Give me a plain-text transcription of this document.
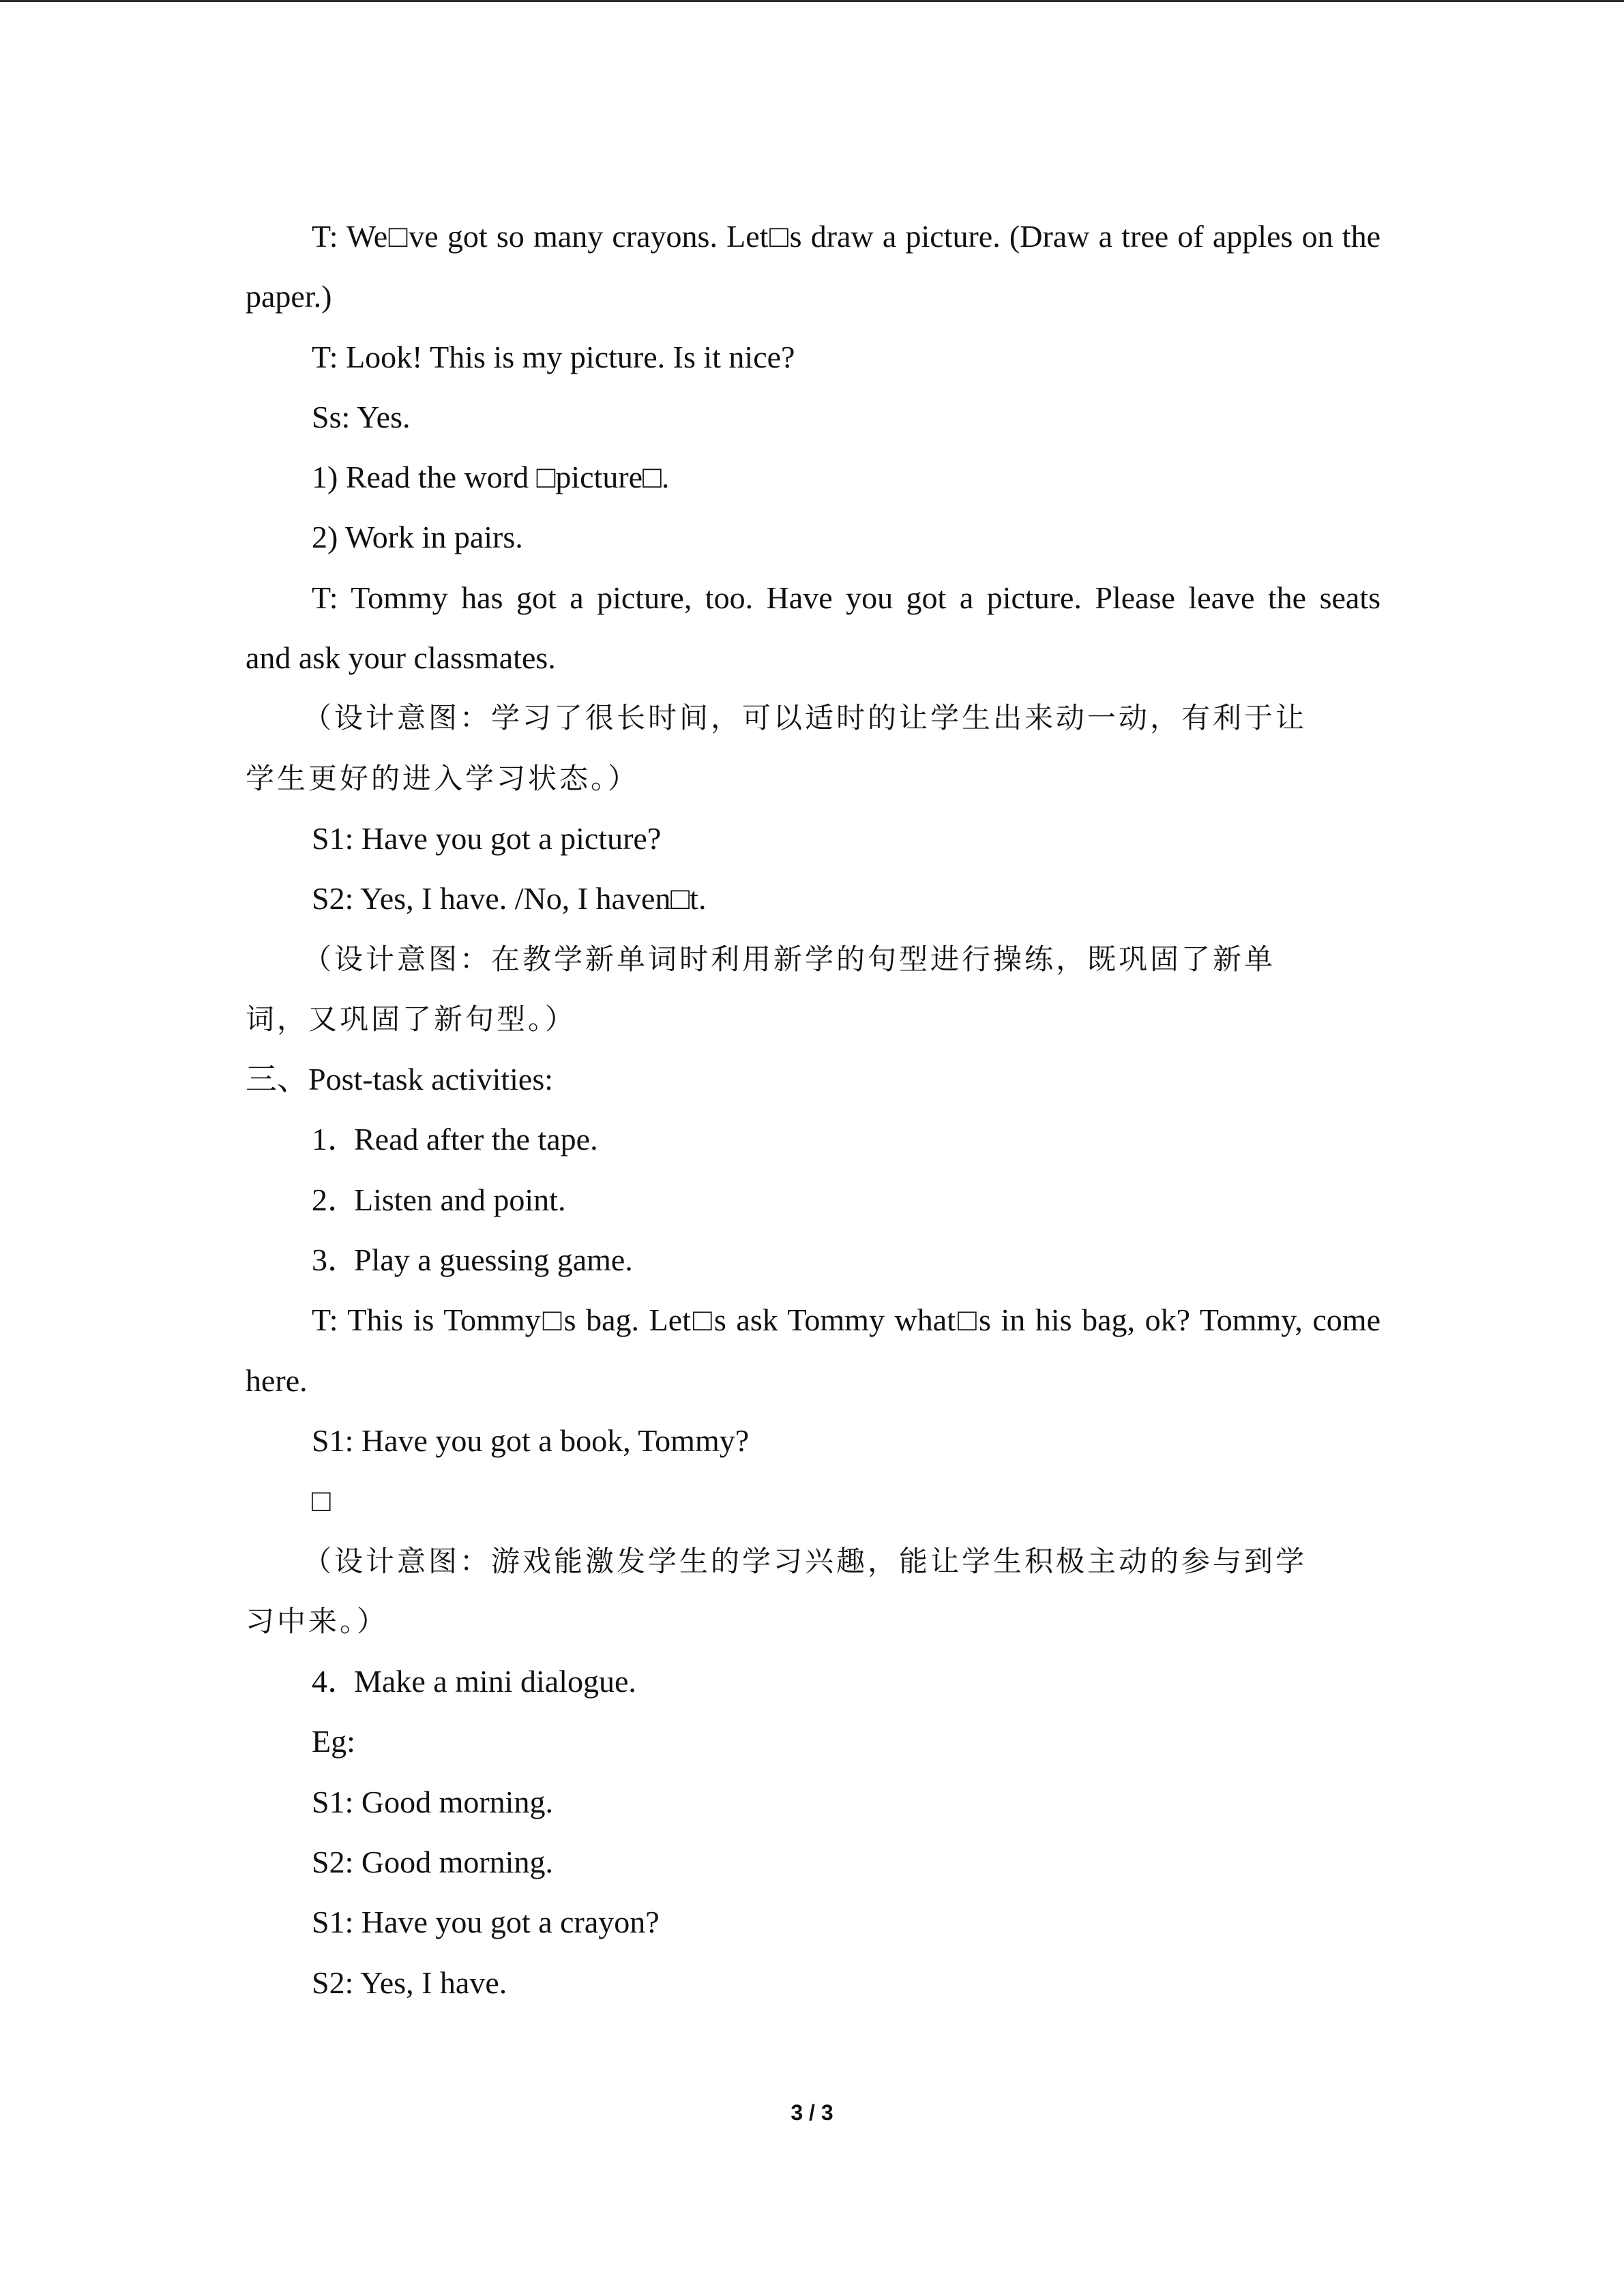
T: We□ve got so many crayons. Let□s draw a picture. (Draw a tree of apples on the
paper.)
T: Look! This is my picture. Is it nice?
Ss: Yes.
1) Read the word □picture□.
2) Work in pairs.
T: Tommy has got a picture, too. Have you got a picture. Please leave the seats
and ask your classmates.
（设计意图：学习了很长时间，可以适时的让学生出来动一动，有利于让
学生更好的进入学习状态。）
S1: Have you got a picture?
S2: Yes, I have. /No, I haven□t.
（设计意图：在教学新单词时利用新学的句型进行操练，既巩固了新单
词，又巩固了新句型。）
三、Post-task activities:
1．Read after the tape.
2．Listen and point.
3．Play a guessing game.
T: This is Tommy□s bag. Let□s ask Tommy what□s in his bag, ok? Tommy, come
here.
S1: Have you got a book, Tommy?
□
（设计意图：游戏能激发学生的学习兴趣，能让学生积极主动的参与到学
习中来。）
4．Make a mini dialogue.
Eg:
S1: Good morning.
S2: Good morning.
S1: Have you got a crayon?
S2: Yes, I have.
3 / 3
